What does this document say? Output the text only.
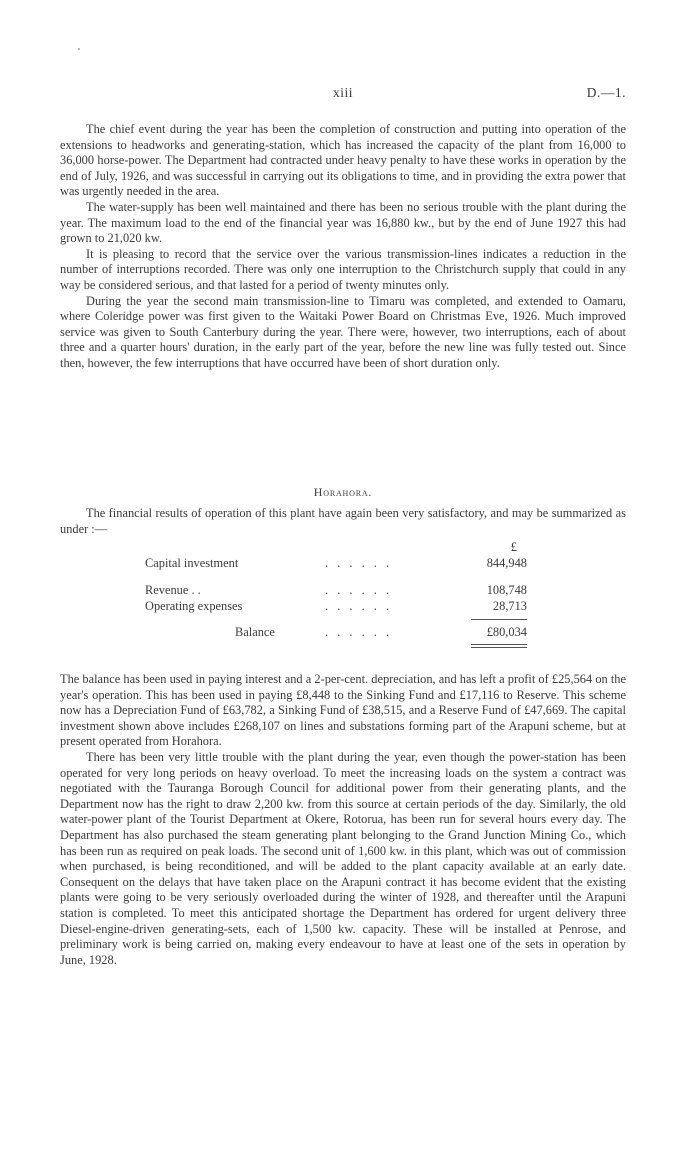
xiii	D.—1.

The chief event during the year has been the completion of construction and putting into operation of the extensions to headworks and generating-station, which has increased the capacity of the plant from 16,000 to 36,000 horse-power. The Department had contracted under heavy penalty to have these works in operation by the end of July, 1926, and was successful in carrying out its obligations to time, and in providing the extra power that was urgently needed in the area.

The water-supply has been well maintained and there has been no serious trouble with the plant during the year. The maximum load to the end of the financial year was 16,880 kw., but by the end of June 1927 this had grown to 21,020 kw.

It is pleasing to record that the service over the various transmission-lines indicates a reduction in the number of interruptions recorded. There was only one interruption to the Christchurch supply that could in any way be considered serious, and that lasted for a period of twenty minutes only.

During the year the second main transmission-line to Timaru was completed, and extended to Oamaru, where Coleridge power was first given to the Waitaki Power Board on Christmas Eve, 1926. Much improved service was given to South Canterbury during the year. There were, however, two interruptions, each of about three and a quarter hours' duration, in the early part of the year, before the new line was fully tested out. Since then, however, the few interruptions that have occurred have been of short duration only.

Horahora.

The financial results of operation of this plant have again been very satisfactory, and may be summarized as under :—

£
Capital investment	. . . . . .	844,948
Revenue . .	. . . . . .	108,748
Operating expenses	. . . . . .	28,713
Balance	. . . . . .	£80,034

The balance has been used in paying interest and a 2-per-cent. depreciation, and has left a profit of £25,564 on the year's operation. This has been used in paying £8,448 to the Sinking Fund and £17,116 to Reserve. This scheme now has a Depreciation Fund of £63,782, a Sinking Fund of £38,515, and a Reserve Fund of £47,669. The capital investment shown above includes £268,107 on lines and substations forming part of the Arapuni scheme, but at present operated from Horahora.

There has been very little trouble with the plant during the year, even though the power-station has been operated for very long periods on heavy overload. To meet the increasing loads on the system a contract was negotiated with the Tauranga Borough Council for additional power from their generating plants, and the Department now has the right to draw 2,200 kw. from this source at certain periods of the day. Similarly, the old water-power plant of the Tourist Department at Okere, Rotorua, has been run for several hours every day. The Department has also purchased the steam generating plant belonging to the Grand Junction Mining Co., which has been run as required on peak loads. The second unit of 1,600 kw. in this plant, which was out of commission when purchased, is being reconditioned, and will be added to the plant capacity available at an early date. Consequent on the delays that have taken place on the Arapuni contract it has become evident that the existing plants were going to be very seriously overloaded during the winter of 1928, and thereafter until the Arapuni station is completed. To meet this anticipated shortage the Department has ordered for urgent delivery three Diesel-engine-driven generating-sets, each of 1,500 kw. capacity. These will be installed at Penrose, and preliminary work is being carried on, making every endeavour to have at least one of the sets in operation by June, 1928.
